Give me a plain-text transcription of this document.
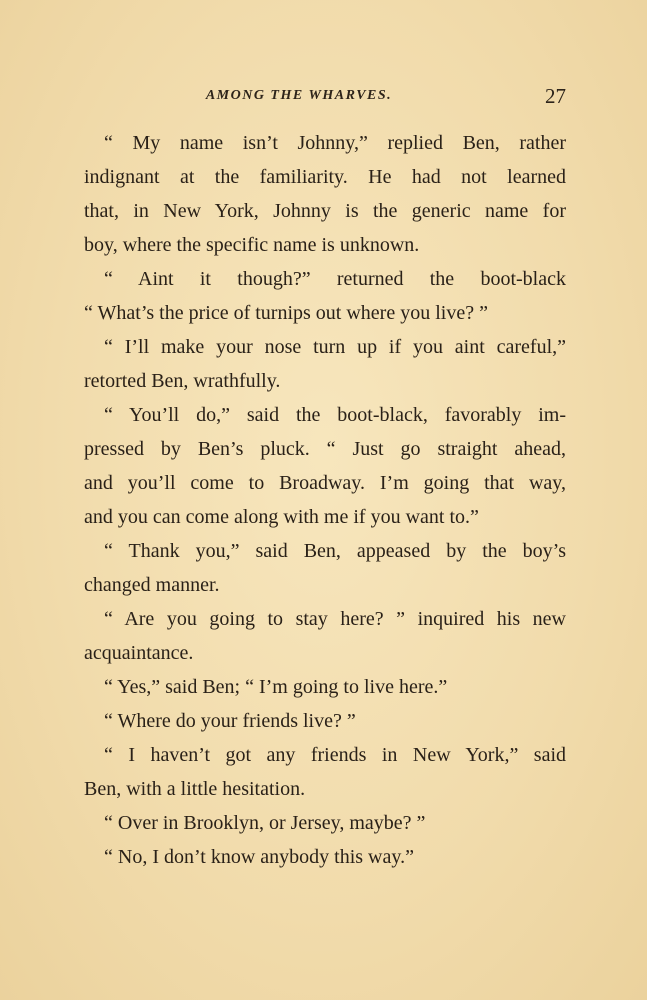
AMONG THE WHARVES.	27
“ My name isn’t Johnny,” replied Ben, rather
indignant at the familiarity. He had not learned
that, in New York, Johnny is the generic name for
boy, where the specific name is unknown.
“ Aint it though?” returned the boot-black
“ What’s the price of turnips out where you live? ”
“ I’ll make your nose turn up if you aint careful,”
retorted Ben, wrathfully.
“ You’ll do,” said the boot-black, favorably im-
pressed by Ben’s pluck. “ Just go straight ahead,
and you’ll come to Broadway. I’m going that way,
and you can come along with me if you want to.”
“ Thank you,” said Ben, appeased by the boy’s
changed manner.
“ Are you going to stay here? ” inquired his new
acquaintance.
“ Yes,” said Ben; “ I’m going to live here.”
“ Where do your friends live? ”
“ I haven’t got any friends in New York,” said
Ben, with a little hesitation.
“ Over in Brooklyn, or Jersey, maybe? ”
“ No, I don’t know anybody this way.”
